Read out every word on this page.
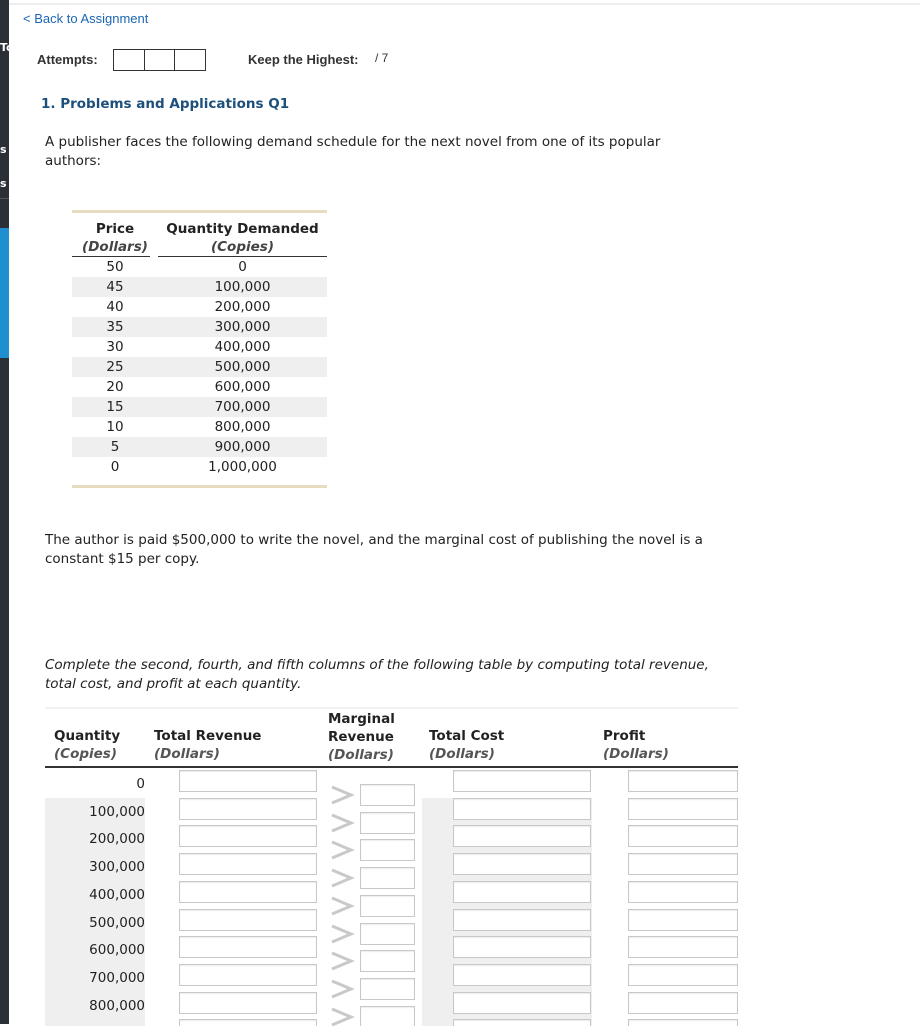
To
s
s
< Back to Assignment
Attempts:	Keep the Highest: / 7
1. Problems and Applications Q1
A publisher faces the following demand schedule for the next novel from one of its popular
authors:
Price
(Dollars)
Quantity Demanded
(Copies)
50	0
45	100,000
40	200,000
35	300,000
30	400,000
25	500,000
20	600,000
15	700,000
10	800,000
5	900,000
0	1,000,000
The author is paid $500,000 to write the novel, and the marginal cost of publishing the novel is a
constant $15 per copy.
Complete the second, fourth, and fifth columns of the following table by computing total revenue,
total cost, and profit at each quantity.
Quantity
(Copies)
Total Revenue
(Dollars)
Marginal
Revenue
(Dollars)
Total Cost
(Dollars)
Profit
(Dollars)
0
100,000
200,000
300,000
400,000
500,000
600,000
700,000
800,000
